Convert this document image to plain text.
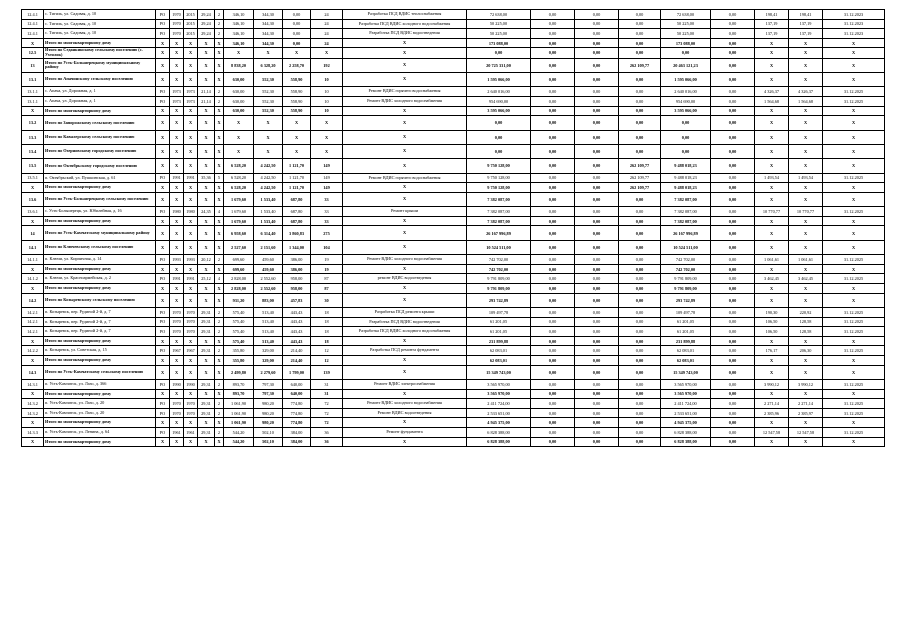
12.4.1	с. Тигиль, ул. Садовая, д. 10	РО	1970	2015	29,24	2	346,10	344,30	0,00	24	Разработка ПСД ВДИС теплоснабжения	72 638,00	0,00	0,00	0,00	72 638,00	0,00	198,41	198,41	31.12.2023
12.4.1	с. Тигиль, ул. Садовая, д. 10	РО	1970	2015	29,24	2	346,10	344,30	0,00	24	Разработка ПСД ВДИС холодного водоснабжения	50 225,00	0,00	0,00	0,00	50 225,00	0,00	137,19	137,19	31.12.2023
12.4.1	с. Тигиль, ул. Садовая, д. 10	РО	1970	2015	29,24	2	346,10	344,30	0,00	24	Разработка ПСД ВДИС водоотведения	50 225,00	0,00	0,00	0,00	50 225,00	0,00	137,19	137,19	31.12.2023
X	Итого по многоквартирному дому	X	X	X	X	X	346,10	344,30	0,00	24	X	173 088,00	0,00	0,00	0,00	173 088,00	0,00	X	X	X
12.5	Итого по Седанкинскому сельскому поселению (с. Ухтолок)	X	X	X	X	X	X	X	X	X	X	0,00	0,00	0,00	0,00	0,00	0,00	X	X	X
13	Итого по Усть-Большерецкому муниципальному району	X	X	X	X	X	8 838,20	6 328,20	2 258,70	192	X	20 725 331,00	0,00	0,00	262 109,77	20 463 121,23	0,00	X	X	X
13.1	Итого по Апачинскому сельскому поселению	X	X	X	X	X	630,00	552,30	558,90	10	X	1 595 066,00	0,00	0,00	0,00	1 595 066,00	0,00	X	X	X
13.1.1	с. Апача, ул. Дорожная, д. 1	РО	1973	1973	21,14	2	630,00	552,30	558,90	10	Ремонт ВДИС горячего водоснабжения	2 640 016,00	0,00	0,00	0,00	2 640 016,00	0,00	4 326,37	4 326,37	31.12.2025
13.1.1	с. Апача, ул. Дорожная, д. 1	РО	1973	1973	21,14	2	630,00	552,30	558,90	10	Ремонт ВДИС холодного водоснабжения	954 690,00	0,00	0,00	0,00	954 690,00	0,00	1 564,68	1 564,68	31.12.2025
X	Итого по многоквартирному дому	X	X	X	X	X	630,00	552,30	558,90	10	X	3 595 066,00	0,00	0,00	0,00	3 595 066,00	0,00	X	X	X
13.2	Итого по Запорожскому сельскому поселению	X	X	X	X	X	X	X	X	X	X	0,00	0,00	0,00	0,00	0,00	0,00	X	X	X
13.3	Итого по Кавалерскому сельскому поселению	X	X	X	X	X	X	X	X	X	X	0,00	0,00	0,00	0,00	0,00	0,00	X	X	X
13.4	Итого по Озерновскому городскому поселению	X	X	X	X	X	X	X	X	X	X	0,00	0,00	0,00	0,00	0,00	0,00	X	X	X
13.5	Итого по Октябрьскому городскому поселению	X	X	X	X	X	6 528,20	4 242,50	1 121,70	149	X	9 750 128,00	0,00	0,00	262 109,77	9 488 018,23	0,00	X	X	X
13.5.1	п. Октябрьский, ул. Пушкинская, д. 61	РО	1991	1991	35,36	5	6 528,20	4 242,50	1 121,70	149	Ремонт ВДИС горячего водоснабжения	9 750 128,00	0,00	0,00	262 109,77	9 488 018,23	0,00	1 493,54	1 493,54	31.12.2025
X	Итого по многоквартирному дому	X	X	X	X	X	6 528,20	4 242,50	1 121,70	149	X	9 750 128,00	0,00	0,00	262 109,77	9 488 018,23	0,00	X	X	X
13.6	Итого по Усть-Большерецкому сельскому поселению	X	X	X	X	X	1 679,60	1 533,40	687,80	33	X	7 382 087,00	0,00	0,00	0,00	7 382 087,00	0,00	X	X	X
13.6.1	с. Усть-Большерецк, ул. Юбилейная, д. 16	РО	1980	1980	24,35	4	1 679,60	1 533,40	687,80	33	Ремонт крыши	7 382 087,00	0,00	0,00	0,00	7 382 087,00	0,00	10 770,77	10 770,77	31.12.2025
X	Итого по многоквартирному дому	X	X	X	X	X	1 679,60	1 533,40	687,80	33	X	7 382 087,00	0,00	0,00	0,00	7 382 087,00	0,00	X	X	X
14	Итого по Усть-Камчатскому муниципальному району	X	X	X	X	X	6 958,60	6 314,40	3 860,83	275	X	26 167 996,89	0,00	0,00	0,00	26 167 996,89	0,00	X	X	X
14.1	Итого по Ключевскому сельскому поселению	X	X	X	X	X	2 527,60	2 151,60	1 344,00	104	X	10 524 511,00	0,00	0,00	0,00	10 524 511,00	0,00	X	X	X
14.1.1	п. Ключи, ул. Кирпичная, д. 14	РО	1993	1993	20,12	2	699,60	459,60	386,00	19	Ремонт ВДИС холодного водоснабжения	742 702,00	0,00	0,00	0,00	742 702,00	0,00	1 061,61	1 061,61	31.12.2025
X	Итого по многоквартирному дому	X	X	X	X	X	699,60	459,60	386,00	19	X	742 702,00	0,00	0,00	0,00	742 702,00	0,00	X	X	X
14.1.2	п. Ключи, ул. Красноармейская, д. 2	РО	1991	1991	25,12	4	2 828,00	2 552,60	958,00	87	ремонт ВДИС водоотведения	9 791 809,00	0,00	0,00	0,00	9 791 809,00	0,00	3 462,45	3 462,45	31.12.2025
X	Итого по многоквартирному дому	X	X	X	X	X	2 828,00	2 552,60	958,00	87	X	9 791 809,00	0,00	0,00	0,00	9 791 809,00	0,00	X	X	X
14.2	Итого по Козыревскому сельскому поселению	X	X	X	X	X	931,20	883,00	457,83	30	X	293 742,89	0,00	0,00	0,00	293 742,89	0,00	X	X	X
14.2.1	п. Козыревск, пер. Рудиной 2-й, д. 7	РО	1970	1970	29,31	2	575,40	513,40	443,43	18	Разработка ПСД ремонта крыши	109 497,78	0,00	0,00	0,00	109 497,78	0,00	190,30	220,92	31.12.2025
14.2.1	п. Козыревск, пер. Рудиной 2-й, д. 7	РО	1970	1970	29,31	2	575,40	513,40	443,43	18	Разработка ПСД ВДИС водоотведения	61 201,05	0,00	0,00	0,00	61 201,05	0,00	106,50	128,58	31.12.2025
14.2.1	п. Козыревск, пер. Рудиной 2-й, д. 7	РО	1970	1970	29,31	2	575,40	513,40	443,43	18	Разработка ПСД ВДИС холодного водоснабжения	61 201,05	0,00	0,00	0,00	61 201,05	0,00	106,50	128,58	31.12.2025
X	Итого по многоквартирному дому	X	X	X	X	X	575,40	513,40	443,43	18	X	231 899,88	0,00	0,00	0,00	231 899,88	0,00	X	X	X
14.2.2	п. Козыревск, ул. Советская, д. 15	РО	1967	1967	29,31	2	355,80	329,00	214,40	12	Разработка ПСД ремонта фундамента	62 083,01	0,00	0,00	0,00	62 083,01	0,00	176,17	206,30	31.12.2025
X	Итого по многоквартирному дому	X	X	X	X	X	355,80	329,00	214,40	12	X	62 083,01	0,00	0,00	0,00	62 083,01	0,00	X	X	X
14.3	Итого по Усть-Камчатскому сельскому поселению	X	X	X	X	X	2 499,80	2 279,60	1 799,00	139	X	15 349 743,00	0,00	0,00	0,00	15 349 743,00	0,00	X	X	X
14.3.1	п. Усть-Камчатск, ул. Лазо, д. 366	РО	1990	1990	29,31	2	893,70	797,30	640,00	31	Ремонт ВДИС электроснабжения	3 565 970,00	0,00	0,00	0,00	3 565 970,00	0,00	3 990,12	3 990,12	31.12.2025
X	Итого по многоквартирному дому	X	X	X	X	X	893,70	797,30	640,00	31	X	3 565 970,00	0,00	0,00	0,00	3 565 970,00	0,00	X	X	X
14.3.2	п. Усть-Камчатск, ул. Лазо, д. 20	РО	1970	1970	29,31	2	1 061,90	980,20	774,80	72	Ремонт ВДИС холодного водоснабжения	2 411 724,00	0,00	0,00	0,00	2 411 724,00	0,00	2 271,14	2 271,14	31.12.2025
14.3.2	п. Усть-Камчатск, ул. Лазо, д. 20	РО	1970	1970	29,31	2	1 061,90	980,20	774,80	72	Ремонт ВДИС водоотведения	2 533 651,00	0,00	0,00	0,00	2 533 651,00	0,00	2 385,96	2 385,97	31.12.2025
X	Итого по многоквартирному дому	X	X	X	X	X	1 061,90	980,20	774,80	72	X	4 945 375,00	0,00	0,00	0,00	4 945 375,00	0,00	X	X	X
14.3.3	п. Усть-Камчатск, ул. Ленина, д. 64	РО	1961	1961	29,31	2	544,20	502,10	384,00	36	Ремонт фундамента	6 828 388,00	0,00	0,00	0,00	6 828 388,00	0,00	12 547,58	12 547,58	31.12.2025
X	Итого по многоквартирному дому	X	X	X	X	X	544,20	502,10	384,00	36	X	6 828 388,00	0,00	0,00	0,00	6 828 388,00	0,00	X	X	X
